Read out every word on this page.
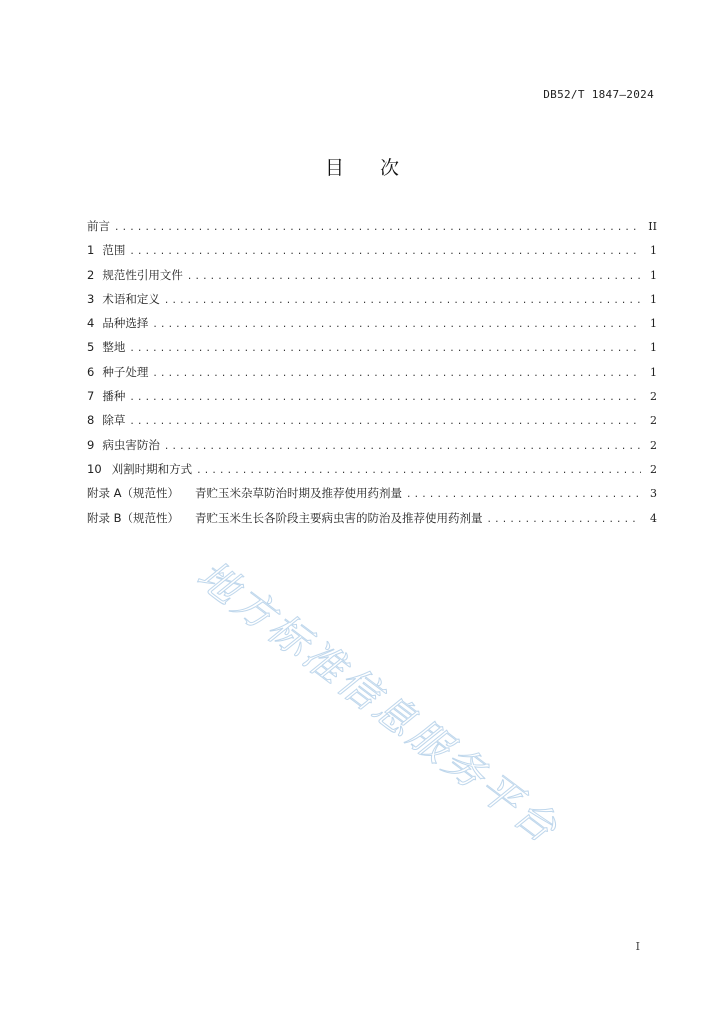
DB52/T 1847—2024
目次
前言 .....	II
1 范围 .....	1
2 规范性引用文件 .....	1
3 术语和定义 .....	1
4 品种选择 .....	1
5 整地 .....	1
6 种子处理 .....	1
7 播种 .....	2
8 除草 .....	2
9 病虫害防治 .....	2
10 刈割时期和方式 .....	2
附录 A（规范性） 青贮玉米杂草防治时期及推荐使用药剂量 .....	3
附录 B（规范性） 青贮玉米生长各阶段主要病虫害的防治及推荐使用药剂量 .....	4
地方标准信息服务平台
I
